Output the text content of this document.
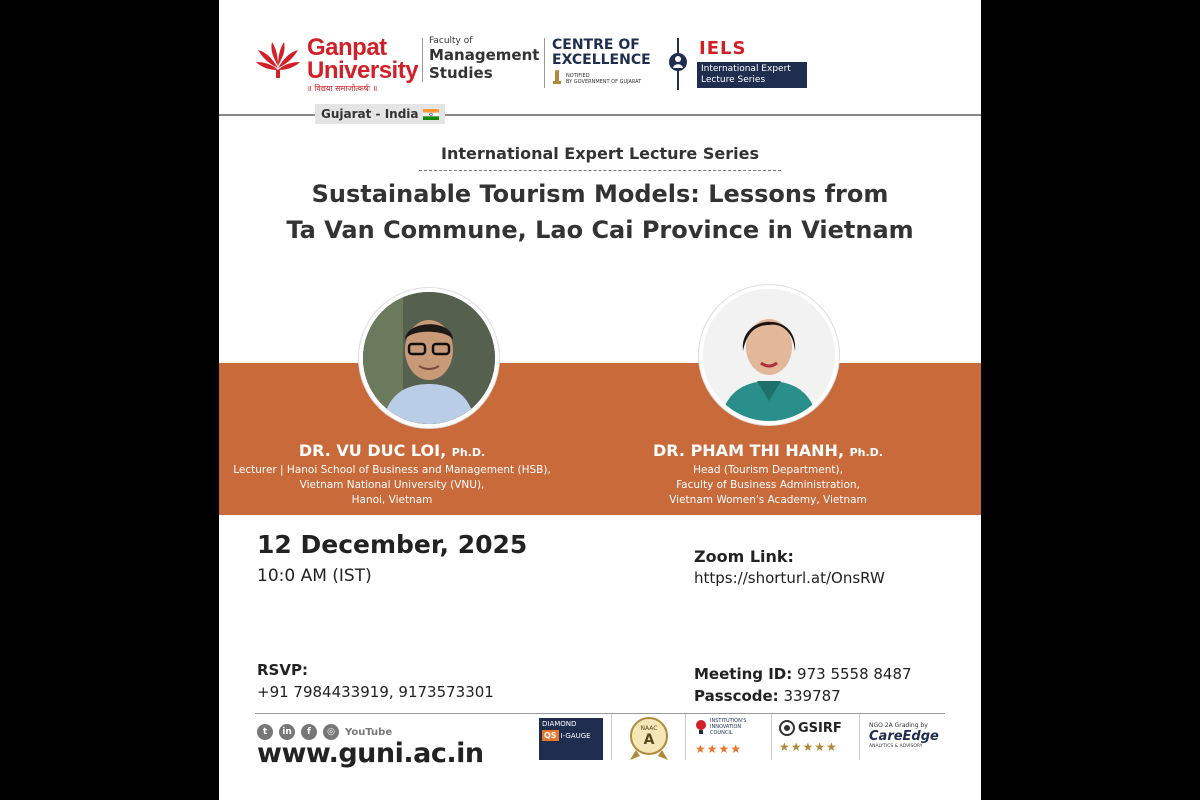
Ganpat
University
॥ विद्यया समाजोत्कर्षः ॥
Faculty of
Management
Studies
CENTRE OF
EXCELLENCE
NOTIFIED
BY GOVERNMENT OF GUJARAT
IELS
International Expert
Lecture Series
Gujarat - India
International Expert Lecture Series
Sustainable Tourism Models: Lessons from
Ta Van Commune, Lao Cai Province in Vietnam
DR. VU DUC LOI, Ph.D.
Lecturer | Hanoi School of Business and Management (HSB),
Vietnam National University (VNU),
Hanoi, Vietnam
DR. PHAM THI HANH, Ph.D.
Head (Tourism Department),
Faculty of Business Administration,
Vietnam Women's Academy, Vietnam
12 December, 2025
10:0 AM (IST)
Zoom Link:
https://shorturl.at/OnsRW
RSVP:
+91 7984433919, 9173573301
Meeting ID: 973 5558 8487
Passcode: 339787
t	in	f	◎	YouTube
www.guni.ac.in
DIAMOND
QS I-GAUGE
NAAC
A
INSTITUTION'S INNOVATION COUNCIL
★★★★
GSIRF
★★★★★
NGO 2A Grading by
CareEdge
ANALYTICS & ADVISORY
